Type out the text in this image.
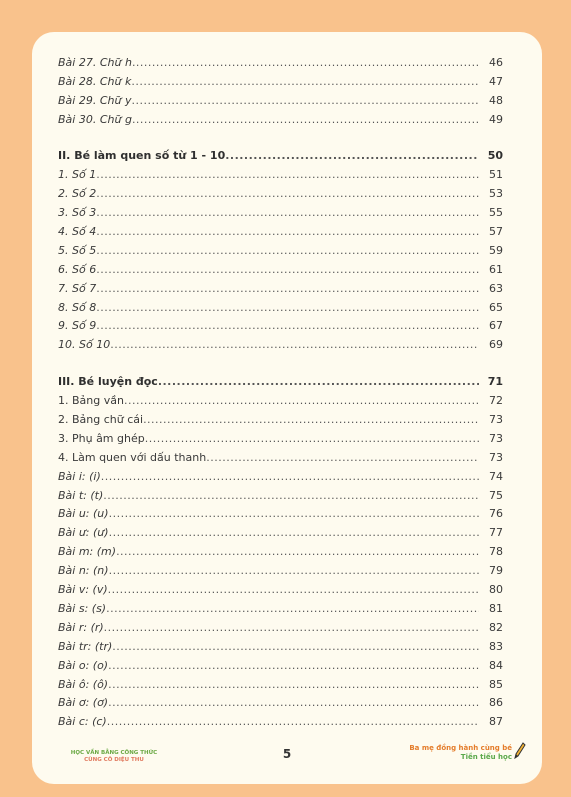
Bài 27. Chữ h .....	46
Bài 28. Chữ k .....	47
Bài 29. Chữ y .....	48
Bài 30. Chữ g .....	49
II. Bé làm quen số từ 1 - 10 .....	50
1. Số 1 .....	51
2. Số 2 .....	53
3. Số 3 .....	55
4. Số 4 .....	57
5. Số 5 .....	59
6. Số 6 .....	61
7. Số 7 .....	63
8. Số 8 .....	65
9. Số 9 .....	67
10. Số 10 .....	69
III. Bé luyện đọc .....	71
1. Bảng vần .....	72
2. Bảng chữ cái .....	73
3. Phụ âm ghép .....	73
4. Làm quen với dấu thanh .....	73
Bài i: (i) .....	74
Bài t: (t) .....	75
Bài u: (u) .....	76
Bài ư: (ư) .....	77
Bài m: (m) .....	78
Bài n: (n) .....	79
Bài v: (v) .....	80
Bài s: (s) .....	81
Bài r: (r) .....	82
Bài tr: (tr) .....	83
Bài o: (o) .....	84
Bài ô: (ô) .....	85
Bài ơ: (ơ) .....	86
Bài c: (c) .....	87
HỌC VẦN BẰNG CÔNG THỨC
CÙNG CÔ DIỆU THU	5	Ba mẹ đồng hành cùng bé
Tiền tiểu học
